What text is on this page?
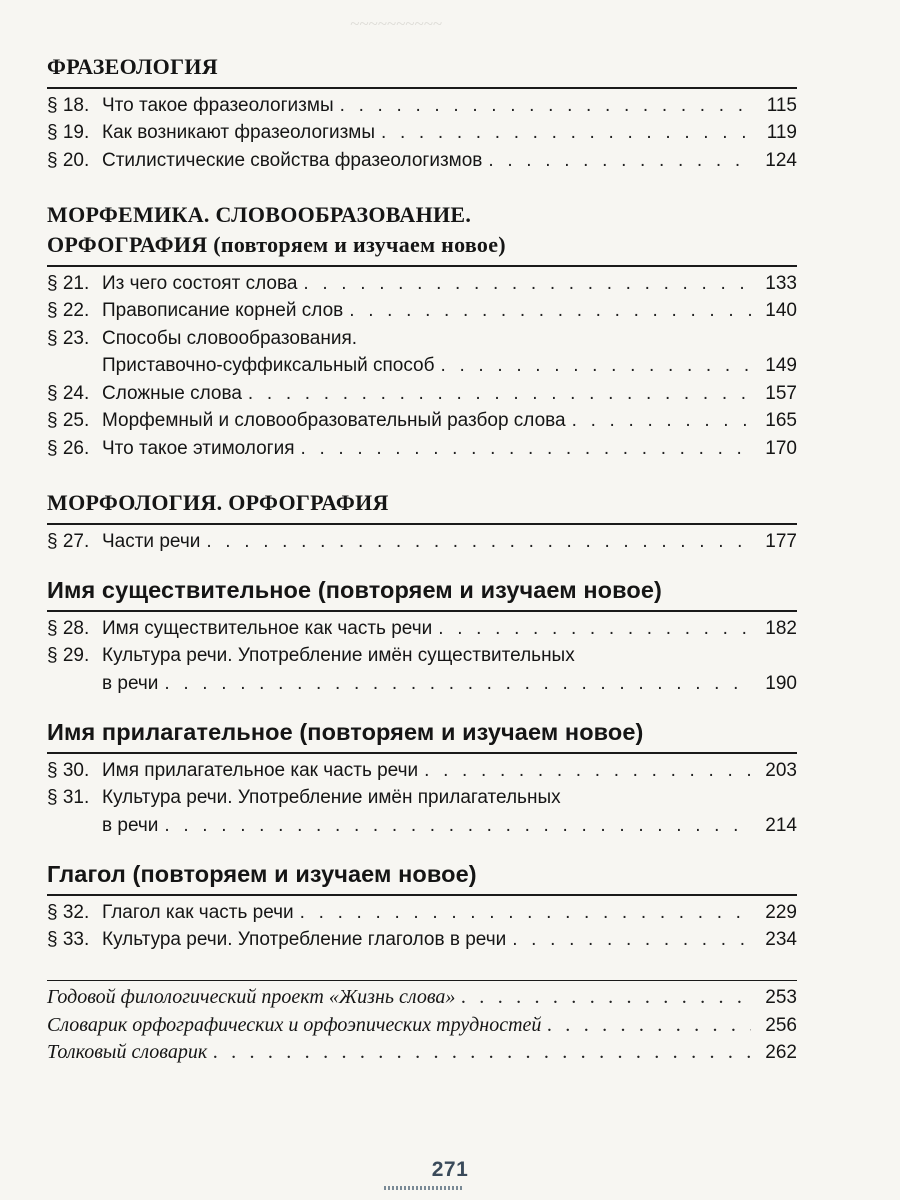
~~~~~~~~~~
ФРАЗЕОЛОГИЯ
§ 18. Что такое фразеологизмы . . .	115
§ 19. Как возникают фразеологизмы . . .	119
§ 20. Стилистические свойства фразеологизмов . . .	124
МОРФЕМИКА. СЛОВООБРАЗОВАНИЕ.
ОРФОГРАФИЯ (повторяем и изучаем новое)
§ 21. Из чего состоят слова . . .	133
§ 22. Правописание корней слов . . .	140
§ 23. Способы словообразования.
Приставочно-суффиксальный способ . . .	149
§ 24. Сложные слова . . .	157
§ 25. Морфемный и словообразовательный разбор слова . . .	165
§ 26. Что такое этимология . . .	170
МОРФОЛОГИЯ. ОРФОГРАФИЯ
§ 27. Части речи . . .	177
Имя существительное (повторяем и изучаем новое)
§ 28. Имя существительное как часть речи . . .	182
§ 29. Культура речи. Употребление имён существительных
в речи . . .	190
Имя прилагательное (повторяем и изучаем новое)
§ 30. Имя прилагательное как часть речи . . .	203
§ 31. Культура речи. Употребление имён прилагательных
в речи . . .	214
Глагол (повторяем и изучаем новое)
§ 32. Глагол как часть речи . . .	229
§ 33. Культура речи. Употребление глаголов в речи . . .	234
Годовой филологический проект «Жизнь слова» . . .	253
Словарик орфографических и орфоэпических трудностей . . .	256
Толковый словарик . . .	262
271
